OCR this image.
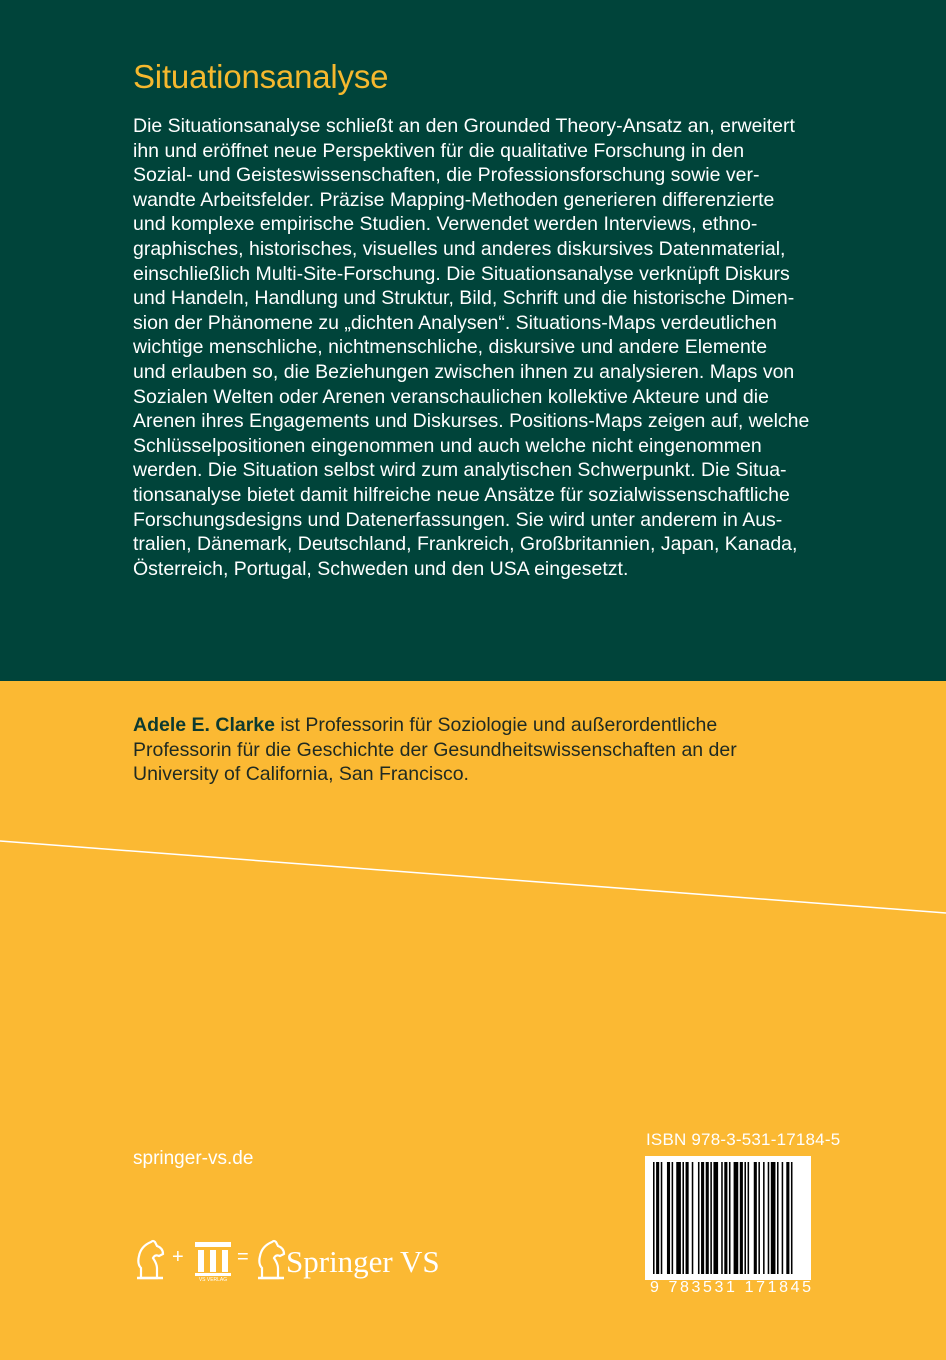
Situationsanalyse
Die Situationsanalyse schließt an den Grounded Theory-Ansatz an, erweitert
ihn und eröffnet neue Perspektiven für die qualitative Forschung in den
Sozial- und Geisteswissenschaften, die Professionsforschung sowie ver-
wandte Arbeitsfelder. Präzise Mapping-Methoden generieren differenzierte
und komplexe empirische Studien. Verwendet werden Interviews, ethno-
graphisches, historisches, visuelles und anderes diskursives Datenmaterial,
einschließlich Multi-Site-Forschung. Die Situationsanalyse verknüpft Diskurs
und Handeln, Handlung und Struktur, Bild, Schrift und die historische Dimen-
sion der Phänomene zu „dichten Analysen“. Situations-Maps verdeutlichen
wichtige menschliche, nichtmenschliche, diskursive und andere Elemente
und erlauben so, die Beziehungen zwischen ihnen zu analysieren. Maps von
Sozialen Welten oder Arenen veranschaulichen kollektive Akteure und die
Arenen ihres Engagements und Diskurses. Positions-Maps zeigen auf, welche
Schlüsselpositionen eingenommen und auch welche nicht eingenommen
werden. Die Situation selbst wird zum analytischen Schwerpunkt. Die Situa-
tionsanalyse bietet damit hilfreiche neue Ansätze für sozialwissenschaftliche
Forschungsdesigns und Datenerfassungen. Sie wird unter anderem in Aus-
tralien, Dänemark, Deutschland, Frankreich, Großbritannien, Japan, Kanada,
Österreich, Portugal, Schweden und den USA eingesetzt.
Adele E. Clarke ist Professorin für Soziologie und außerordentliche
Professorin für die Geschichte der Gesundheitswissenschaften an der
University of California, San Francisco.
springer-vs.de
+
VS VERLAG
= Springer VS
ISBN 978-3-531-17184-5
9 783531 171845
